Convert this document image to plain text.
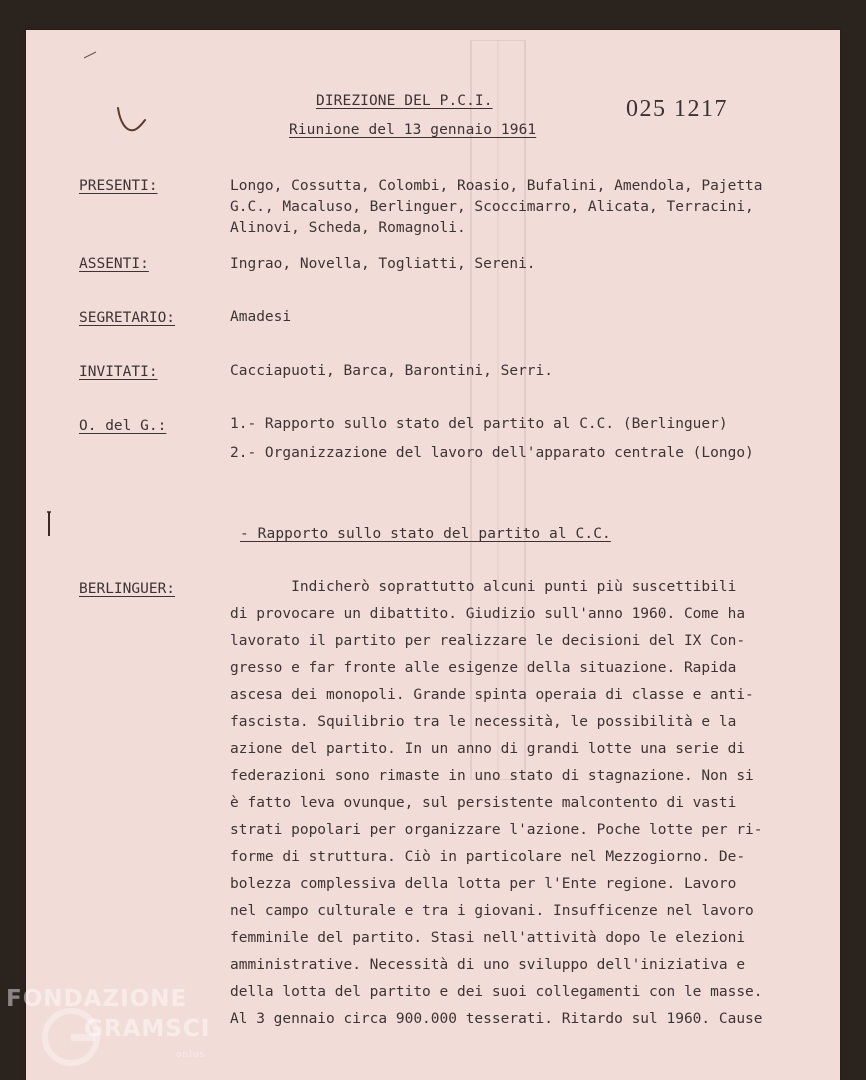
025 1217
DIREZIONE DEL P.C.I.
Riunione del 13 gennaio 1961
PRESENTI:	Longo, Cossutta, Colombi, Roasio, Bufalini, Amendola, Pajetta
G.C., Macaluso, Berlinguer, Scoccimarro, Alicata, Terracini,
Alinovi, Scheda, Romagnoli.
ASSENTI:	Ingrao, Novella, Togliatti, Sereni.
SEGRETARIO:	Amadesi
INVITATI:	Cacciapuoti, Barca, Barontini, Serri.
O. del G.:	1.- Rapporto sullo stato del partito al C.C. (Berlinguer)
2.- Organizzazione del lavoro dell'apparato centrale (Longo)
- Rapporto sullo stato del partito al C.C.
BERLINGUER:	Indicherò soprattutto alcuni punti più suscettibili
di provocare un dibattito. Giudizio sull'anno 1960. Come ha
lavorato il partito per realizzare le decisioni del IX Con-
gresso e far fronte alle esigenze della situazione. Rapida
ascesa dei monopoli. Grande spinta operaia di classe e anti-
fascista. Squilibrio tra le necessità, le possibilità e la
azione del partito. In un anno di grandi lotte una serie di
federazioni sono rimaste in uno stato di stagnazione. Non si
è fatto leva ovunque, sul persistente malcontento di vasti
strati popolari per organizzare l'azione. Poche lotte per ri-
forme di struttura. Ciò in particolare nel Mezzogiorno. De-
bolezza complessiva della lotta per l'Ente regione. Lavoro
nel campo culturale e tra i giovani. Insufficenze nel lavoro
femminile del partito. Stasi nell'attività dopo le elezioni
amministrative. Necessità di uno sviluppo dell'iniziativa e
della lotta del partito e dei suoi collegamenti con le masse.
Al 3 gennaio circa 900.000 tesserati. Ritardo sul 1960. Cause
FONDAZIONE
GRAMSCI
onlus
